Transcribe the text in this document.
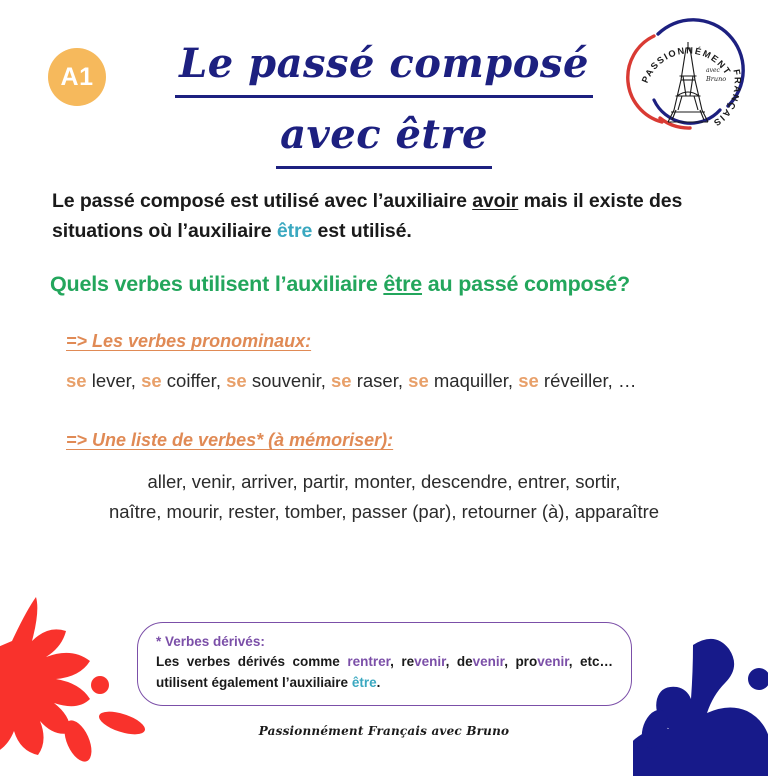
A1	Le passé composé
avec être
PASSIONNÉMENT
FRANÇAIS
avec
Bruno

Le passé composé est utilisé avec l’auxiliaire avoir mais il existe des situations où l’auxiliaire être est utilisé.

Quels verbes utilisent l’auxiliaire être au passé composé?

=> Les verbes pronominaux:

se lever, se coiffer, se souvenir, se raser, se maquiller, se réveiller, …

=> Une liste de verbes* (à mémoriser):

aller, venir, arriver, partir, monter, descendre, entrer, sortir,
naître, mourir, rester, tomber, passer (par), retourner (à), apparaître

* Verbes dérivés:
Les verbes dérivés comme rentrer, revenir, devenir, provenir, etc… utilisent également l’auxiliaire être.
Passionnément Français avec Bruno
